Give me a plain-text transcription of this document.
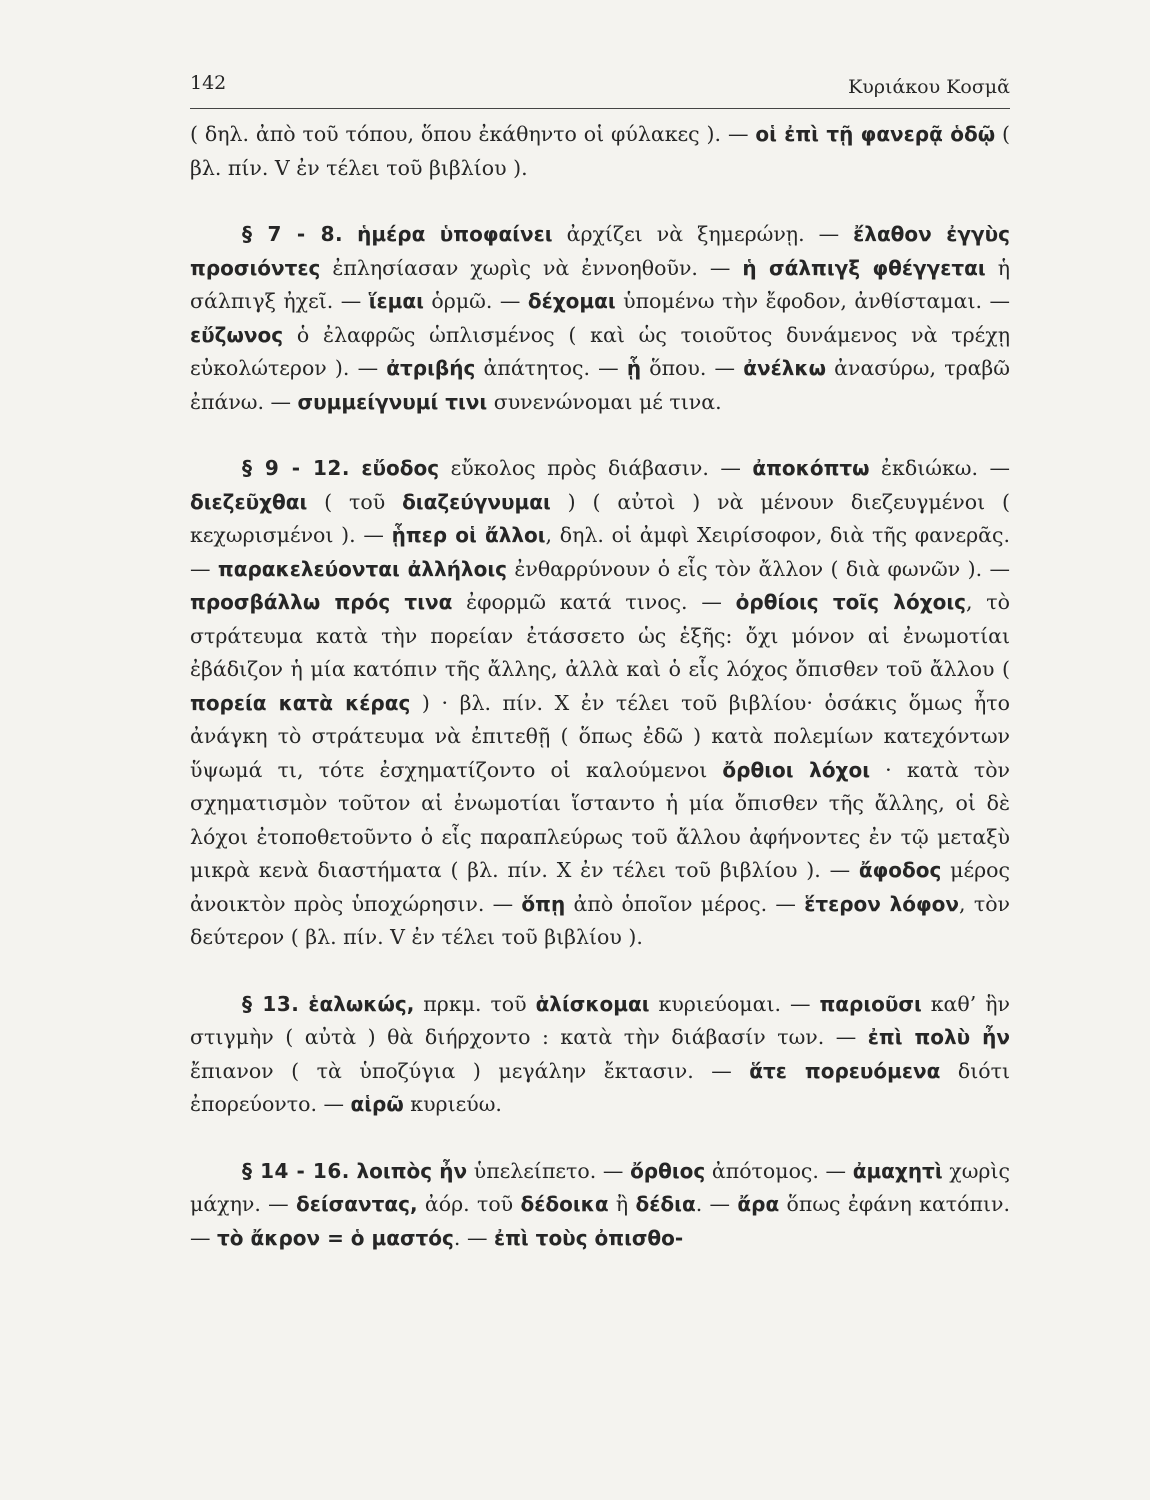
142	Κυριάκου Κοσμᾶ

( δηλ. ἀπὸ τοῦ τόπου, ὅπου ἐκάθηντο οἱ φύλακες ). — οἱ ἐπὶ τῇ φανερᾷ ὁδῷ ( βλ. πίν. V ἐν τέλει τοῦ βιβλίου ).

§ 7 - 8. ἡμέρα ὑποφαίνει ἀρχίζει νὰ ξημερώνῃ. — ἔλαθον ἐγγὺς προσιόντες ἐπλησίασαν χωρὶς νὰ ἐννοηθοῦν. — ἡ σάλπιγξ φθέγγεται ἡ σάλπιγξ ἠχεῖ. — ἵεμαι ὁρμῶ. — δέχομαι ὑπομένω τὴν ἔφοδον, ἀνθίσταμαι. — εὔζωνος ὁ ἐλαφρῶς ὡπλισμένος ( καὶ ὡς τοιοῦτος δυνάμενος νὰ τρέχῃ εὐκολώτερον ). — ἀτριβής ἀπάτητος. — ᾗ ὅπου. — ἀνέλκω ἀνασύρω, τραβῶ ἐπάνω. — συμμείγνυμί τινι συνενώνομαι μέ τινα.

§ 9 - 12. εὔοδος εὔκολος πρὸς διάβασιν. — ἀποκόπτω ἐκδιώκω. — διεζεῦχθαι ( τοῦ διαζεύγνυμαι ) ( αὐτοὶ ) νὰ μένουν διεζευγμένοι ( κεχωρισμένοι ). — ᾗπερ οἱ ἄλλοι, δηλ. οἱ ἀμφὶ Χειρίσοφον, διὰ τῆς φανερᾶς. — παρακελεύονται ἀλλήλοις ἐνθαρρύνουν ὁ εἷς τὸν ἄλλον ( διὰ φωνῶν ). — προσβάλλω πρός τινα ἐφορμῶ κατά τινος. — ὀρθίοις τοῖς λόχοις, τὸ στράτευμα κατὰ τὴν πορείαν ἐτάσσετο ὡς ἑξῆς: ὄχι μόνον αἱ ἐνωμοτίαι ἐβάδιζον ἡ μία κατόπιν τῆς ἄλλης, ἀλλὰ καὶ ὁ εἷς λόχος ὄπισθεν τοῦ ἄλλου ( πορεία κατὰ κέρας ) · βλ. πίν. X ἐν τέλει τοῦ βιβλίου· ὁσάκις ὅμως ἦτο ἀνάγκη τὸ στράτευμα νὰ ἐπιτεθῇ ( ὅπως ἐδῶ ) κατὰ πολεμίων κατεχόντων ὕψωμά τι, τότε ἐσχηματίζοντο οἱ καλούμενοι ὄρθιοι λόχοι · κατὰ τὸν σχηματισμὸν τοῦτον αἱ ἐνωμοτίαι ἵσταντο ἡ μία ὄπισθεν τῆς ἄλλης, οἱ δὲ λόχοι ἐτοποθετοῦντο ὁ εἷς παραπλεύρως τοῦ ἄλλου ἀφήνοντες ἐν τῷ μεταξὺ μικρὰ κενὰ διαστήματα ( βλ. πίν. X ἐν τέλει τοῦ βιβλίου ). — ἄφοδος μέρος ἀνοικτὸν πρὸς ὑποχώρησιν. — ὅπῃ ἀπὸ ὁποῖον μέρος. — ἕτερον λόφον, τὸν δεύτερον ( βλ. πίν. V ἐν τέλει τοῦ βιβλίου ).

§ 13. ἑαλωκώς, πρκμ. τοῦ ἁλίσκομαι κυριεύομαι. — παριοῦσι καθ’ ἣν στιγμὴν ( αὐτὰ ) θὰ διήρχοντο : κατὰ τὴν διάβασίν των. — ἐπὶ πολὺ ἦν ἔπιανον ( τὰ ὑποζύγια ) μεγάλην ἔκτασιν. — ἅτε πορευόμενα διότι ἐπορεύοντο. — αἱρῶ κυριεύω.

§ 14 - 16. λοιπὸς ἦν ὑπελείπετο. — ὄρθιος ἀπότομος. — ἀμαχητὶ χωρὶς μάχην. — δείσαντας, ἀόρ. τοῦ δέδοικα ἢ δέδια. — ἄρα ὅπως ἐφάνη κατόπιν. — τὸ ἄκρον = ὁ μαστός. — ἐπὶ τοὺς ὀπισθο-
